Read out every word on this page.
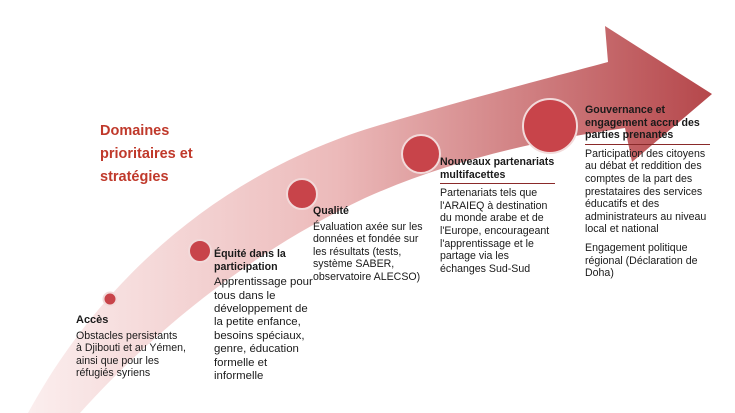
Domaines prioritaires et stratégies
Accès
Obstacles persistants à Djibouti et au Yémen, ainsi que pour les réfugiés syriens
Équité dans la participation
Apprentissage pour tous dans le développement de la petite enfance, besoins spéciaux, genre, éducation formelle et informelle
Qualité
Évaluation axée sur les données et fondée sur les résultats (tests, système SABER, observatoire ALECSO)
Nouveaux partenariats multifacettes
Partenariats tels que l'ARAIEQ à destination du monde arabe et de l'Europe, encourageant l'apprentissage et le partage via les échanges Sud-Sud
Gouvernance et engagement accru des parties prenantes
Participation des citoyens au débat et reddition des comptes de la part des prestataires des services éducatifs et des administrateurs au niveau local et national
Engagement politique régional (Déclaration de Doha)
